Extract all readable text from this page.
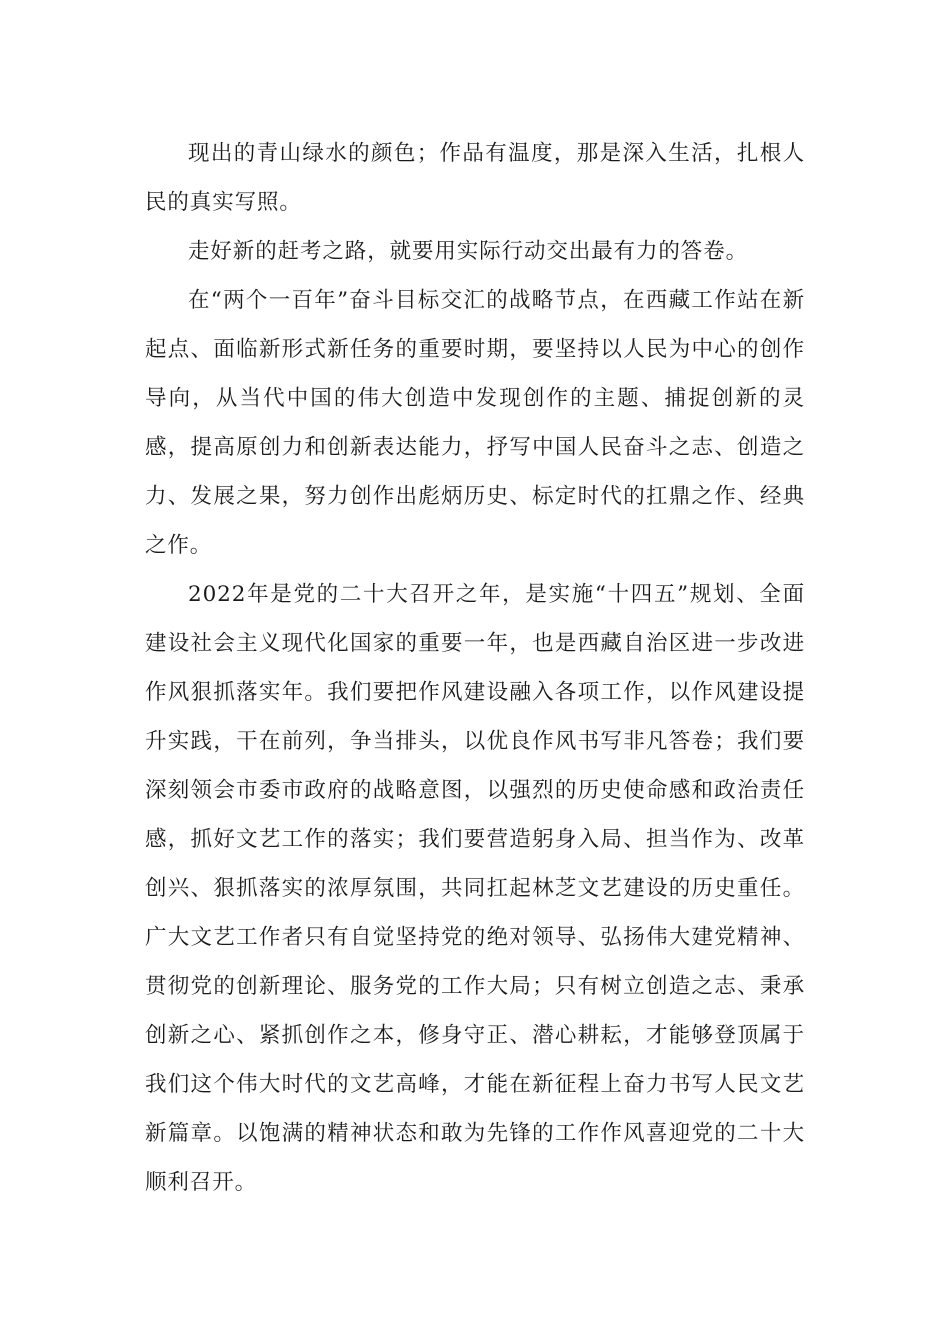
现出的青山绿水的颜色；作品有温度，那是深入生活，扎根人民的真实写照。

走好新的赶考之路，就要用实际行动交出最有力的答卷。

在“两个一百年”奋斗目标交汇的战略节点，在西藏工作站在新起点、面临新形式新任务的重要时期，要坚持以人民为中心的创作导向，从当代中国的伟大创造中发现创作的主题、捕捉创新的灵感，提高原创力和创新表达能力，抒写中国人民奋斗之志、创造之力、发展之果，努力创作出彪炳历史、标定时代的扛鼎之作、经典之作。

2022年是党的二十大召开之年，是实施“十四五”规划、全面建设社会主义现代化国家的重要一年，也是西藏自治区进一步改进作风狠抓落实年。我们要把作风建设融入各项工作，以作风建设提升实践，干在前列，争当排头，以优良作风书写非凡答卷；我们要深刻领会市委市政府的战略意图，以强烈的历史使命感和政治责任感，抓好文艺工作的落实；我们要营造躬身入局、担当作为、改革创兴、狠抓落实的浓厚氛围，共同扛起林芝文艺建设的历史重任。广大文艺工作者只有自觉坚持党的绝对领导、弘扬伟大建党精神、贯彻党的创新理论、服务党的工作大局；只有树立创造之志、秉承创新之心、紧抓创作之本，修身守正、潜心耕耘，才能够登顶属于我们这个伟大时代的文艺高峰，才能在新征程上奋力书写人民文艺新篇章。以饱满的精神状态和敢为先锋的工作作风喜迎党的二十大顺利召开。
